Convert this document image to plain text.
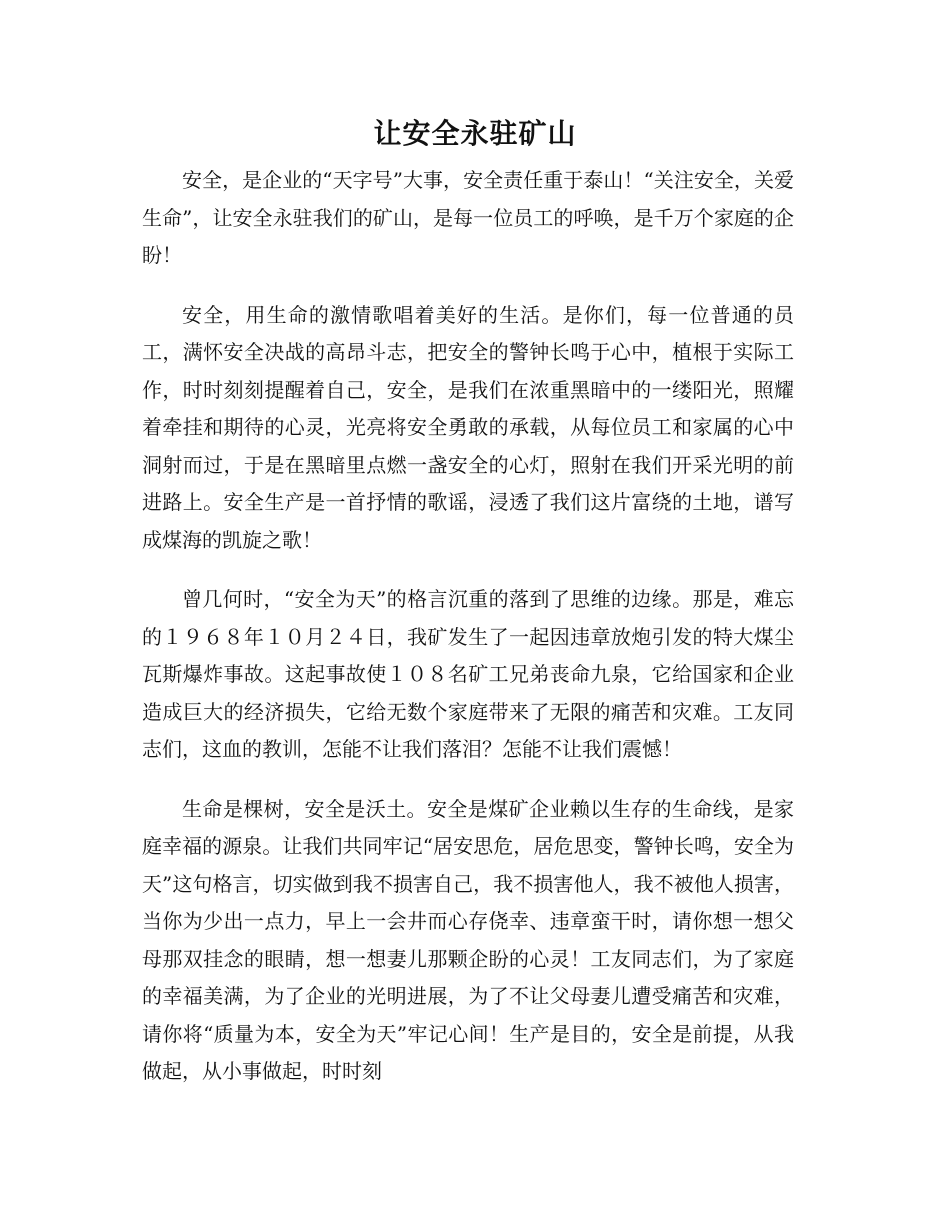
让安全永驻矿山

安全，是企业的“天字号”大事，安全责任重于泰山！“关注安全，关爱生命”，让安全永驻我们的矿山，是每一位员工的呼唤，是千万个家庭的企盼！

安全，用生命的激情歌唱着美好的生活。是你们，每一位普通的员工，满怀安全决战的高昂斗志，把安全的警钟长鸣于心中，植根于实际工作，时时刻刻提醒着自己，安全，是我们在浓重黑暗中的一缕阳光，照耀着牵挂和期待的心灵，光亮将安全勇敢的承载，从每位员工和家属的心中洞射而过，于是在黑暗里点燃一盏安全的心灯，照射在我们开采光明的前进路上。安全生产是一首抒情的歌谣，浸透了我们这片富绕的土地，谱写成煤海的凯旋之歌！

曾几何时，“安全为天”的格言沉重的落到了思维的边缘。那是，难忘的１９６８年１０月２４日，我矿发生了一起因违章放炮引发的特大煤尘瓦斯爆炸事故。这起事故使１０８名矿工兄弟丧命九泉，它给国家和企业造成巨大的经济损失，它给无数个家庭带来了无限的痛苦和灾难。工友同志们，这血的教训，怎能不让我们落泪？怎能不让我们震憾！

生命是棵树，安全是沃土。安全是煤矿企业赖以生存的生命线，是家庭幸福的源泉。让我们共同牢记“居安思危，居危思变，警钟长鸣，安全为天”这句格言，切实做到我不损害自己，我不损害他人，我不被他人损害，当你为少出一点力，早上一会井而心存侥幸、违章蛮干时，请你想一想父母那双挂念的眼睛，想一想妻儿那颗企盼的心灵！工友同志们，为了家庭的幸福美满，为了企业的光明进展，为了不让父母妻儿遭受痛苦和灾难，请你将“质量为本，安全为天”牢记心间！生产是目的，安全是前提，从我做起，从小事做起，时时刻
